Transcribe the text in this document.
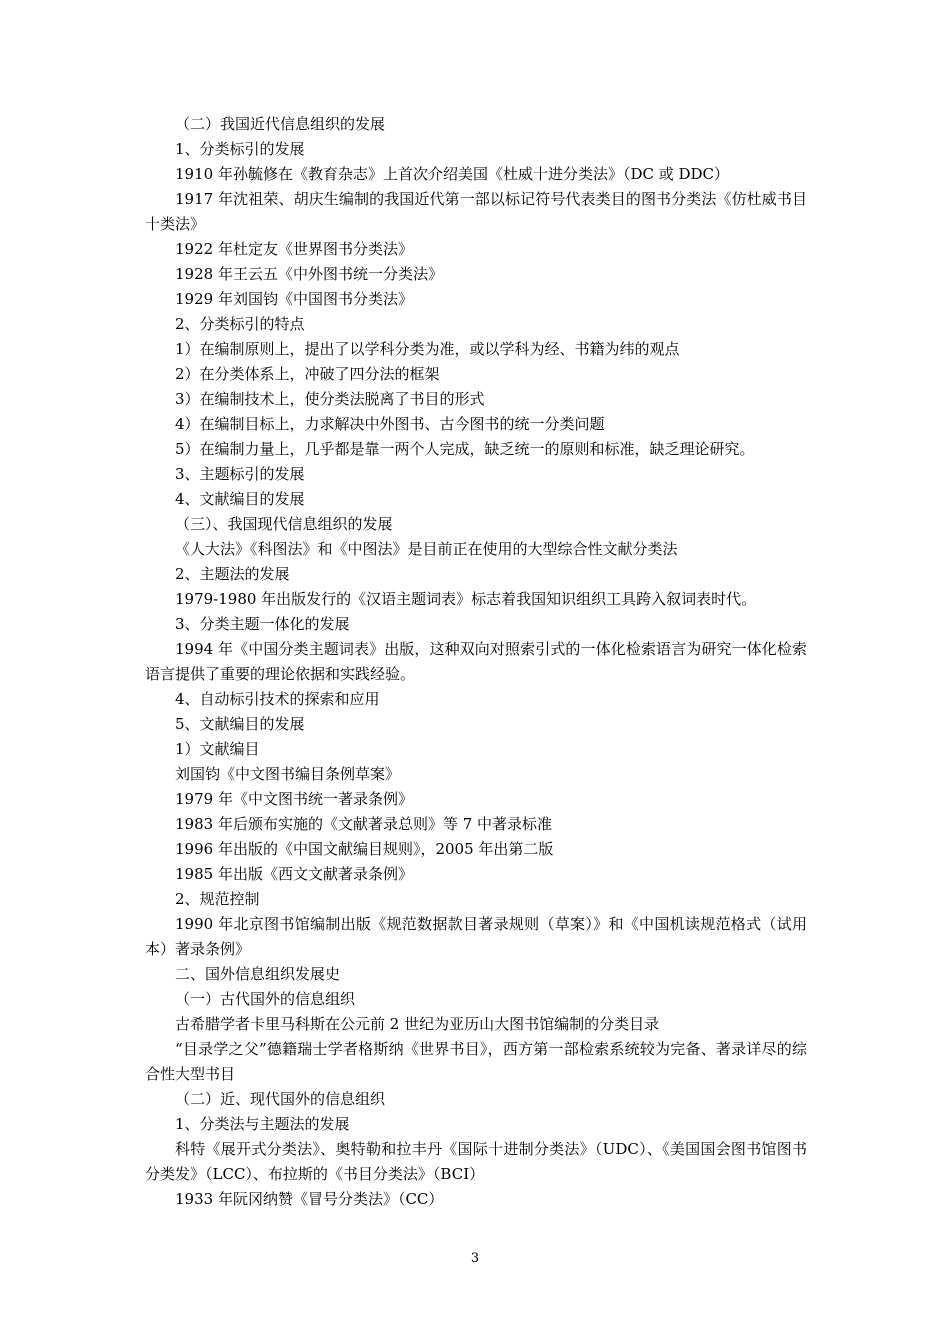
（二）我国近代信息组织的发展

1、分类标引的发展

1910 年孙毓修在《教育杂志》上首次介绍美国《杜威十进分类法》（DC 或 DDC）

1917 年沈祖荣、胡庆生编制的我国近代第一部以标记符号代表类目的图书分类法《仿杜威书目十类法》

1922 年杜定友《世界图书分类法》

1928 年王云五《中外图书统一分类法》

1929 年刘国钧《中国图书分类法》

2、分类标引的特点

1）在编制原则上，提出了以学科分类为准，或以学科为经、书籍为纬的观点

2）在分类体系上，冲破了四分法的框架

3）在编制技术上，使分类法脱离了书目的形式

4）在编制目标上，力求解决中外图书、古今图书的统一分类问题

5）在编制力量上，几乎都是靠一两个人完成，缺乏统一的原则和标准，缺乏理论研究。

3、主题标引的发展

4、文献编目的发展

（三）、我国现代信息组织的发展

《人大法》《科图法》和《中图法》是目前正在使用的大型综合性文献分类法

2、主题法的发展

1979-1980 年出版发行的《汉语主题词表》标志着我国知识组织工具跨入叙词表时代。

3、分类主题一体化的发展

1994 年《中国分类主题词表》出版，这种双向对照索引式的一体化检索语言为研究一体化检索语言提供了重要的理论依据和实践经验。

4、自动标引技术的探索和应用

5、文献编目的发展

1）文献编目

刘国钧《中文图书编目条例草案》

1979 年《中文图书统一著录条例》

1983 年后颁布实施的《文献著录总则》等 7 中著录标准

1996 年出版的《中国文献编目规则》，2005 年出第二版

1985 年出版《西文文献著录条例》

2、规范控制

1990 年北京图书馆编制出版《规范数据款目著录规则（草案）》和《中国机读规范格式（试用本）著录条例》

二、国外信息组织发展史

（一）古代国外的信息组织

古希腊学者卡里马科斯在公元前 2 世纪为亚历山大图书馆编制的分类目录

“目录学之父”德籍瑞士学者格斯纳《世界书目》，西方第一部检索系统较为完备、著录详尽的综合性大型书目

（二）近、现代国外的信息组织

1、分类法与主题法的发展

科特《展开式分类法》、奥特勒和拉丰丹《国际十进制分类法》（UDC）、《美国国会图书馆图书分类发》（LCC）、布拉斯的《书目分类法》（BCI）

1933 年阮冈纳赞《冒号分类法》（CC）

3
